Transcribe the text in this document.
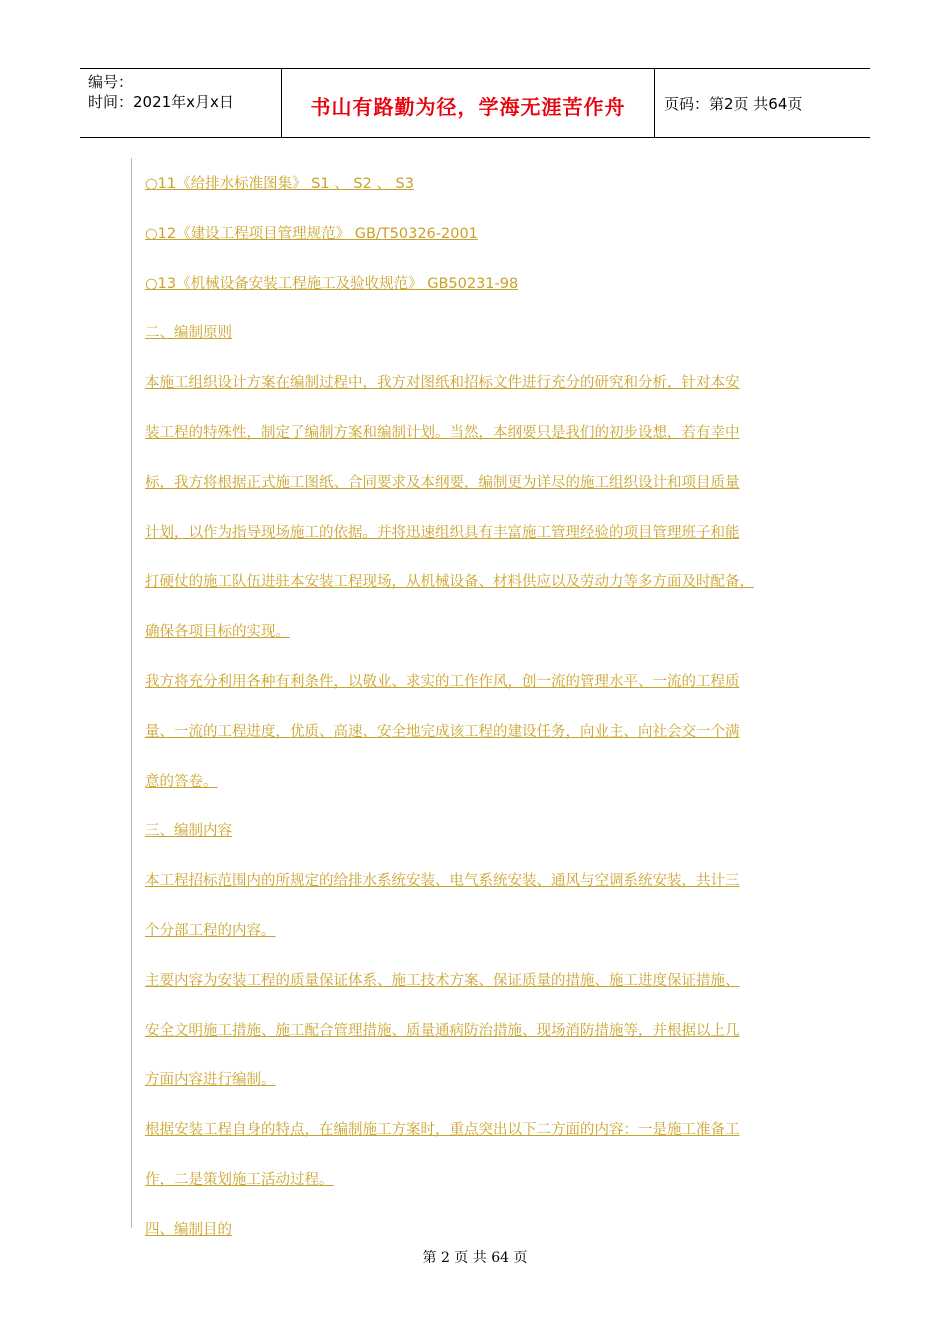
编号：
时间：2021年x月x日	书山有路勤为径，学海无涯苦作舟	页码：第2页 共64页

○11《给排水标准图集》 S1 、 S2 、 S3

○12《建设工程项目管理规范》 GB/T50326-2001

○13《机械设备安装工程施工及验收规范》 GB50231-98

二、编制原则

本施工组织设计方案在编制过程中，我方对图纸和招标文件进行充分的研究和分析，针对本安

装工程的特殊性，制定了编制方案和编制计划。当然，本纲要只是我们的初步设想，若有幸中

标，我方将根据正式施工图纸、合同要求及本纲要，编制更为详尽的施工组织设计和项目质量

计划，以作为指导现场施工的依据。并将迅速组织具有丰富施工管理经验的项目管理班子和能

打硬仗的施工队伍进驻本安装工程现场，从机械设备、材料供应以及劳动力等多方面及时配备，

确保各项目标的实现。

我方将充分利用各种有利条件，以敬业、求实的工作作风，创一流的管理水平、一流的工程质

量、一流的工程进度，优质、高速、安全地完成该工程的建设任务，向业主、向社会交一个满

意的答卷。

三、编制内容

本工程招标范围内的所规定的给排水系统安装、电气系统安装、通风与空调系统安装，共计三

个分部工程的内容。

主要内容为安装工程的质量保证体系、施工技术方案、保证质量的措施、施工进度保证措施、

安全文明施工措施、施工配合管理措施、质量通病防治措施、现场消防措施等，并根据以上几

方面内容进行编制。

根据安装工程自身的特点，在编制施工方案时，重点突出以下二方面的内容：一是施工准备工

作，二是策划施工活动过程。

四、编制目的

第 2 页 共 64 页
